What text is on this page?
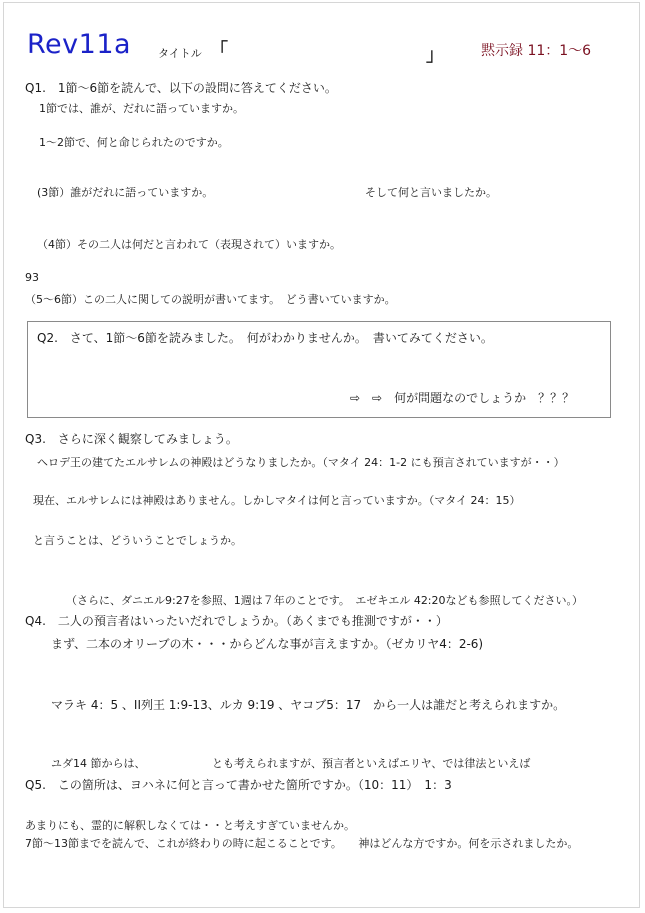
Rev11a タイトル 「	」	黙示録 11：1〜6
Q1.　1節〜6節を読んで、以下の設問に答えてください。
1節では、誰が、だれに語っていますか。
1〜2節で、何と命じられたのですか。
(3節）誰がだれに語っていますか。	そして何と言いましたか。
（4節）その二人は何だと言われて（表現されて）いますか。
93
（5〜6節）この二人に関しての説明が書いてます。　どう書いていますか。
Q2.　さて、1節〜6節を読みました。　何がわかりませんか。　書いてみてください。
⇨　⇨　何が問題なのでしょうか　？？？
Q3.　さらに深く観察してみましょう。
ヘロデ王の建てたエルサレムの神殿はどうなりましたか。（マタイ 24：1-2 にも預言されていますが・・）
現在、エルサレムには神殿はありません。しかしマタイは何と言っていますか。（マタイ 24：15）
と言うことは、どういうことでしょうか。
（さらに、ダニエル9:27を参照、1週は７年のことです。　エゼキエル 42:20なども参照してください。）
Q4.　二人の預言者はいったいだれでしょうか。（あくまでも推測ですが・・）
まず、二本のオリーブの木・・・からどんな事が言えますか。（ゼカリヤ4：2-6)
マラキ 4：5 、II列王 1:9-13、ルカ 9:19 、ヤコブ5：17　から一人は誰だと考えられますか。
ユダ14 節からは、	とも考えられますが、預言者といえばエリヤ、では律法といえば
Q5.　この箇所は、ヨハネに何と言って書かせた箇所ですか。（10：11）　1：3
あまりにも、霊的に解釈しなくては・・と考えすぎていませんか。
7節〜13節までを読んで、これが終わりの時に起こることです。　　神はどんな方ですか。何を示されましたか。
